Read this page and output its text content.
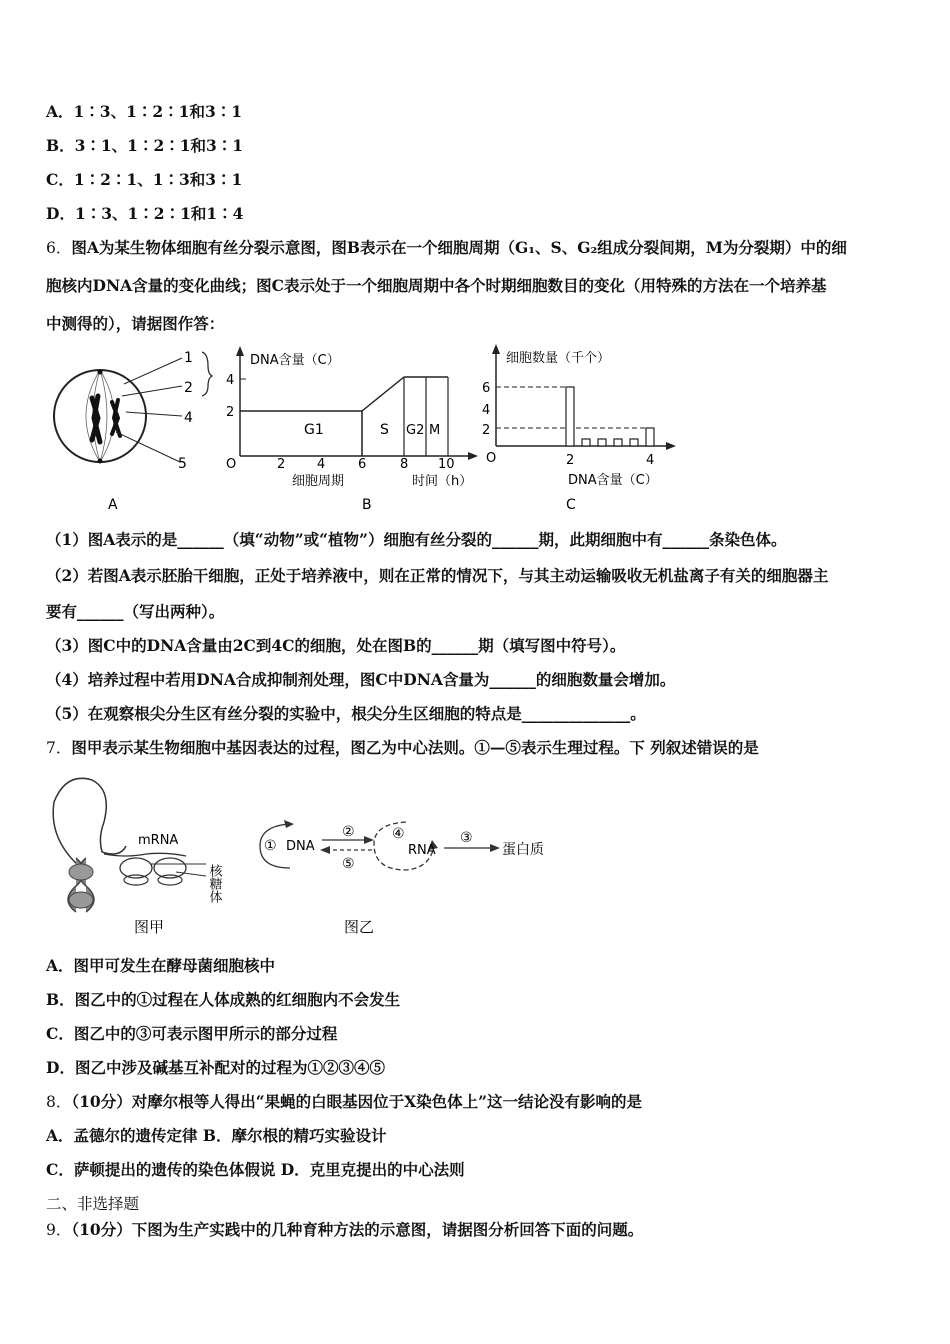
A．1∶3、1∶2∶1和3∶1
B．3∶1、1∶2∶1和3∶1
C．1∶2∶1、1∶3和3∶1
D．1∶3、1∶2∶1和1∶4
6．图A为某生物体细胞有丝分裂示意图，图B表示在一个细胞周期（G₁、S、G₂组成分裂间期，M为分裂期）中的细
胞核内DNA含量的变化曲线；图C表示处于一个细胞周期中各个时期细胞数目的变化（用特殊的方法在一个培养基
中测得的），请据图作答：
1
2
4
5
A
DNA含量（C）
4
2
G1	S G2 M
O	2 4	6	8 10
细胞周期	时间（h）
B
细胞数量（千个）
6
4
2
O	2	4
DNA含量（C）
C
（1）图A表示的是______（填“动物”或“植物”）细胞有丝分裂的______期，此期细胞中有______条染色体。
（2）若图A表示胚胎干细胞，正处于培养液中，则在正常的情况下，与其主动运输吸收无机盐离子有关的细胞器主
要有______（写出两种）。
（3）图C中的DNA含量由2C到4C的细胞，处在图B的______期（填写图中符号）。
（4）培养过程中若用DNA合成抑制剂处理，图C中DNA含量为______的细胞数量会增加。
（5）在观察根尖分生区有丝分裂的实验中，根尖分生区细胞的特点是______________。
7．图甲表示某生物细胞中基因表达的过程，图乙为中心法则。①—⑤表示生理过程。下 列叙述错误的是
mRNA
核糖体
图甲
① DNA
②
⑤
④
RNA
③
蛋白质
图乙
A．图甲可发生在酵母菌细胞核中
B．图乙中的①过程在人体成熟的红细胞内不会发生
C．图乙中的③可表示图甲所示的部分过程
D．图乙中涉及碱基互补配对的过程为①②③④⑤
8．（10分）对摩尔根等人得出“果蝇的白眼基因位于X染色体上”这一结论没有影响的是
A．孟德尔的遗传定律 B．摩尔根的精巧实验设计
C．萨顿提出的遗传的染色体假说 D．克里克提出的中心法则
二、非选择题
9．（10分）下图为生产实践中的几种育种方法的示意图，请据图分析回答下面的问题。
